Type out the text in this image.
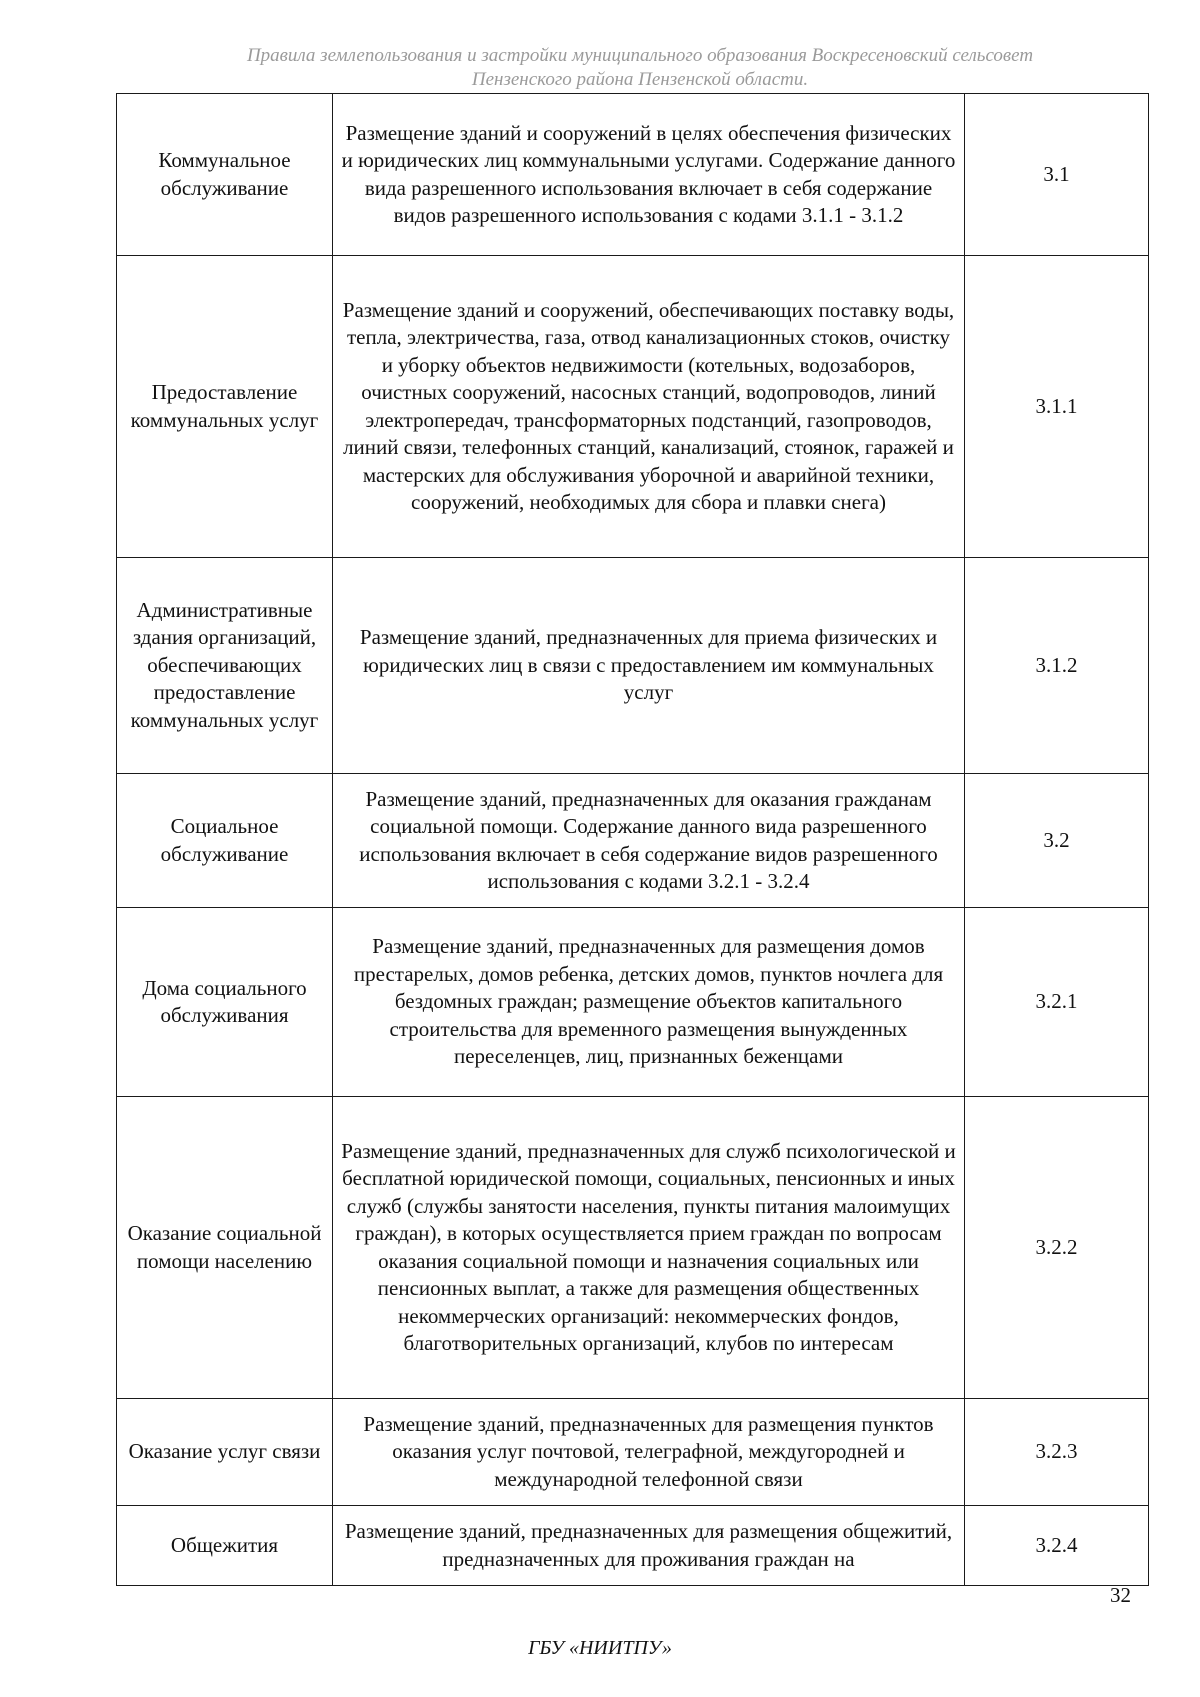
Правила землепользования и застройки муниципального образования Воскресеновский сельсовет
Пензенского района Пензенской области.
Коммунальное обслуживание	Размещение зданий и сооружений в целях обеспечения физических и юридических лиц коммунальными услугами. Содержание данного вида разрешенного использования включает в себя содержание видов разрешенного использования с кодами 3.1.1 - 3.1.2	3.1
Предоставление коммунальных услуг	Размещение зданий и сооружений, обеспечивающих поставку воды, тепла, электричества, газа, отвод канализационных стоков, очистку и уборку объектов недвижимости (котельных, водозаборов, очистных сооружений, насосных станций, водопроводов, линий электропередач, трансформаторных подстанций, газопроводов, линий связи, телефонных станций, канализаций, стоянок, гаражей и мастерских для обслуживания уборочной и аварийной техники, сооружений, необходимых для сбора и плавки снега)	3.1.1
Административные здания организаций, обеспечивающих предоставление коммунальных услуг	Размещение зданий, предназначенных для приема физических и юридических лиц в связи с предоставлением им коммунальных услуг	3.1.2
Социальное обслуживание	Размещение зданий, предназначенных для оказания гражданам социальной помощи. Содержание данного вида разрешенного использования включает в себя содержание видов разрешенного использования с кодами 3.2.1 - 3.2.4	3.2
Дома социального обслуживания	Размещение зданий, предназначенных для размещения домов престарелых, домов ребенка, детских домов, пунктов ночлега для бездомных граждан; размещение объектов капитального строительства для временного размещения вынужденных переселенцев, лиц, признанных беженцами	3.2.1
Оказание социальной помощи населению	Размещение зданий, предназначенных для служб психологической и бесплатной юридической помощи, социальных, пенсионных и иных служб (службы занятости населения, пункты питания малоимущих граждан), в которых осуществляется прием граждан по вопросам оказания социальной помощи и назначения социальных или пенсионных выплат, а также для размещения общественных некоммерческих организаций: некоммерческих фондов, благотворительных организаций, клубов по интересам	3.2.2
Оказание услуг связи	Размещение зданий, предназначенных для размещения пунктов оказания услуг почтовой, телеграфной, междугородней и международной телефонной связи	3.2.3
Общежития	Размещение зданий, предназначенных для размещения общежитий, предназначенных для проживания граждан на	3.2.4
32
ГБУ «НИИТПУ»
